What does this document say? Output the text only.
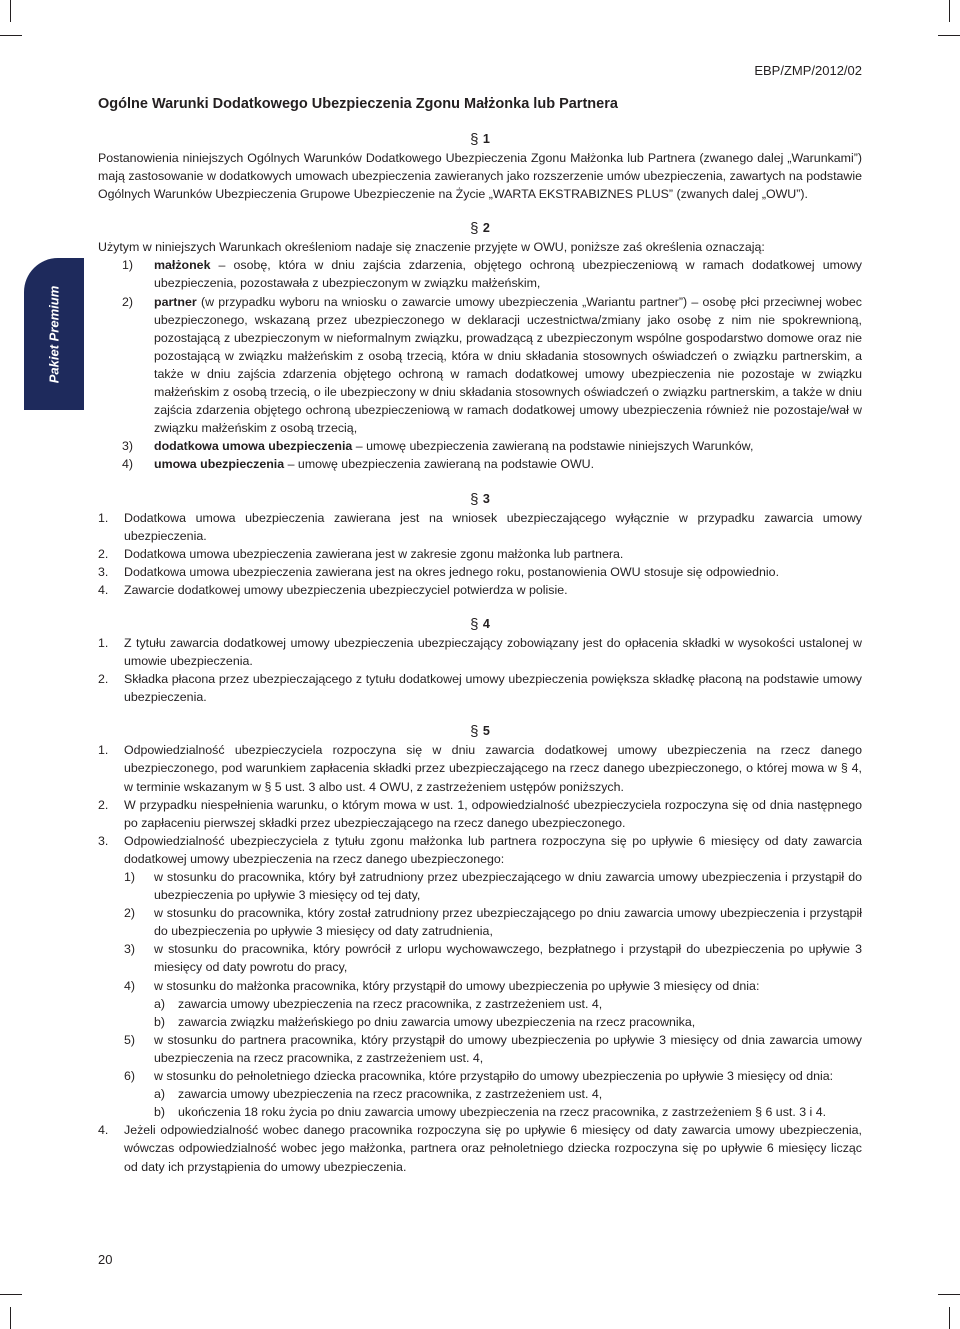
EBP/ZMP/2012/02
Ogólne Warunki Dodatkowego Ubezpieczenia Zgonu Małżonka lub Partnera
Pakiet Premium
§ 1

Postanowienia niniejszych Ogólnych Warunków Dodatkowego Ubezpieczenia Zgonu Małżonka lub Partnera (zwanego dalej „Warunkami”) mają zastosowanie w dodatkowych umowach ubezpieczenia zawieranych jako rozszerzenie umów ubezpieczenia, zawartych na podstawie Ogólnych Warunków Ubezpieczenia Grupowe Ubezpieczenie na Życie „WARTA EKSTRABIZNES PLUS” (zwanych dalej „OWU”).

§ 2

Użytym w niniejszych Warunkach określeniom nadaje się znaczenie przyjęte w OWU, poniższe zaś określenia oznaczają:

1)	małżonek – osobę, która w dniu zajścia zdarzenia, objętego ochroną ubezpieczeniową w ramach dodatkowej umowy ubezpieczenia, pozostawała z ubezpieczonym w związku małżeńskim,
2)	partner (w przypadku wyboru na wniosku o zawarcie umowy ubezpieczenia „Wariantu partner”) – osobę płci przeciwnej wobec ubezpieczonego, wskazaną przez ubezpieczonego w deklaracji uczestnictwa/zmiany jako osobę z nim nie spokrewnioną, pozostającą z ubezpieczonym w nieformalnym związku, prowadzącą z ubezpieczonym wspólne gospodarstwo domowe oraz nie pozostającą w związku małżeńskim z osobą trzecią, która w dniu składania stosownych oświadczeń o związku partnerskim, a także w dniu zajścia zdarzenia objętego ochroną w ramach dodatkowej umowy ubezpieczenia nie pozostaje w związku małżeńskim z osobą trzecią, o ile ubezpieczony w dniu składania stosownych oświadczeń o związku partnerskim, a także w dniu zajścia zdarzenia objętego ochroną ubezpieczeniową w ramach dodatkowej umowy ubezpieczenia również nie pozostaje/wał w związku małżeńskim z osobą trzecią,
3)	dodatkowa umowa ubezpieczenia – umowę ubezpieczenia zawieraną na podstawie niniejszych Warunków,
4)	umowa ubezpieczenia – umowę ubezpieczenia zawieraną na podstawie OWU.
§ 3
1.	Dodatkowa umowa ubezpieczenia zawierana jest na wniosek ubezpieczającego wyłącznie w przypadku zawarcia umowy ubezpieczenia.
2.	Dodatkowa umowa ubezpieczenia zawierana jest w zakresie zgonu małżonka lub partnera.
3.	Dodatkowa umowa ubezpieczenia zawierana jest na okres jednego roku, postanowienia OWU stosuje się odpowiednio.
4.	Zawarcie dodatkowej umowy ubezpieczenia ubezpieczyciel potwierdza w polisie.
§ 4
1.	Z tytułu zawarcia dodatkowej umowy ubezpieczenia ubezpieczający zobowiązany jest do opłacenia składki w wysokości ustalonej w umowie ubezpieczenia.
2.	Składka płacona przez ubezpieczającego z tytułu dodatkowej umowy ubezpieczenia powiększa składkę płaconą na podstawie umowy ubezpieczenia.
§ 5
1.	Odpowiedzialność ubezpieczyciela rozpoczyna się w dniu zawarcia dodatkowej umowy ubezpieczenia na rzecz danego ubezpieczonego, pod warunkiem zapłacenia składki przez ubezpieczającego na rzecz danego ubezpieczonego, o której mowa w § 4, w terminie wskazanym w § 5 ust. 3 albo ust. 4 OWU, z zastrzeżeniem ustępów poniższych.
2.	W przypadku niespełnienia warunku, o którym mowa w ust. 1, odpowiedzialność ubezpieczyciela rozpoczyna się od dnia następnego po zapłaceniu pierwszej składki przez ubezpieczającego na rzecz danego ubezpieczonego.
3.	Odpowiedzialność ubezpieczyciela z tytułu zgonu małżonka lub partnera rozpoczyna się po upływie 6 miesięcy od daty zawarcia dodatkowej umowy ubezpieczenia na rzecz danego ubezpieczonego:
1)	w stosunku do pracownika, który był zatrudniony przez ubezpieczającego w dniu zawarcia umowy ubezpieczenia i przystąpił do ubezpieczenia po upływie 3 miesięcy od tej daty,
2)	w stosunku do pracownika, który został zatrudniony przez ubezpieczającego po dniu zawarcia umowy ubezpieczenia i przystąpił do ubezpieczenia po upływie 3 miesięcy od daty zatrudnienia,
3)	w stosunku do pracownika, który powrócił z urlopu wychowawczego, bezpłatnego i przystąpił do ubezpieczenia po upływie 3 miesięcy od daty powrotu do pracy,
4)	w stosunku do małżonka pracownika, który przystąpił do umowy ubezpieczenia po upływie 3 miesięcy od dnia:
a)	zawarcia umowy ubezpieczenia na rzecz pracownika, z zastrzeżeniem ust. 4,
b)	zawarcia związku małżeńskiego po dniu zawarcia umowy ubezpieczenia na rzecz pracownika,
5)	w stosunku do partnera pracownika, który przystąpił do umowy ubezpieczenia po upływie 3 miesięcy od dnia zawarcia umowy ubezpieczenia na rzecz pracownika, z zastrzeżeniem ust. 4,
6)	w stosunku do pełnoletniego dziecka pracownika, które przystąpiło do umowy ubezpieczenia po upływie 3 miesięcy od dnia:
a)	zawarcia umowy ubezpieczenia na rzecz pracownika, z zastrzeżeniem ust. 4,
b)	ukończenia 18 roku życia po dniu zawarcia umowy ubezpieczenia na rzecz pracownika, z zastrzeżeniem § 6 ust. 3 i 4.
4.	Jeżeli odpowiedzialność wobec danego pracownika rozpoczyna się po upływie 6 miesięcy od daty zawarcia umowy ubezpieczenia, wówczas odpowiedzialność wobec jego małżonka, partnera oraz pełnoletniego dziecka rozpoczyna się po upływie 6 miesięcy licząc od daty ich przystąpienia do umowy ubezpieczenia.
20
